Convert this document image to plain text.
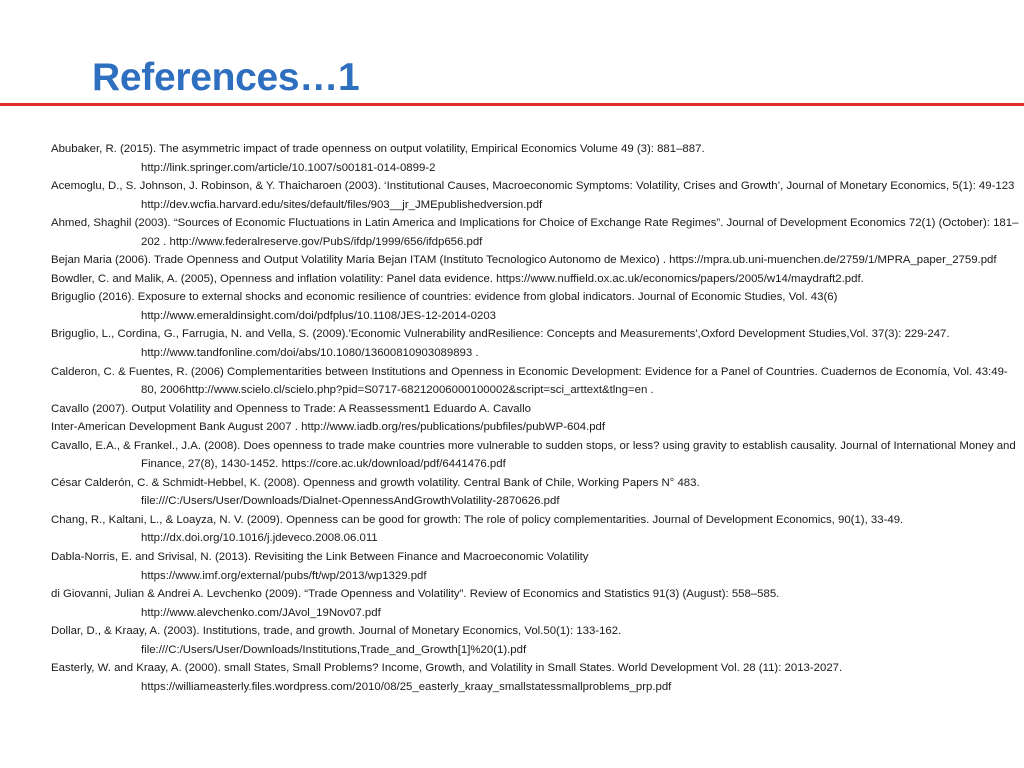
References…1
Abubaker, R. (2015). The asymmetric impact of trade openness on output volatility, Empirical Economics Volume 49 (3): 881–887.
http://link.springer.com/article/10.1007/s00181-014-0899-2
Acemoglu, D., S. Johnson, J. Robinson, & Y. Thaicharoen (2003). ‘Institutional Causes, Macroeconomic Symptoms: Volatility, Crises and Growth’, Journal of Monetary Economics, 5(1): 49-123 http://dev.wcfia.harvard.edu/sites/default/files/903__jr_JMEpublishedversion.pdf
Ahmed, Shaghil (2003). “Sources of Economic Fluctuations in Latin America and Implications for Choice of Exchange Rate Regimes”. Journal of Development Economics 72(1) (October): 181–202 . http://www.federalreserve.gov/PubS/ifdp/1999/656/ifdp656.pdf
Bejan Maria (2006). Trade Openness and Output Volatility Maria Bejan ITAM (Instituto Tecnologico Autonomo de Mexico) . https://mpra.ub.uni-muenchen.de/2759/1/MPRA_paper_2759.pdf
Bowdler, C. and Malik, A. (2005), Openness and inflation volatility: Panel data evidence. https://www.nuffield.ox.ac.uk/economics/papers/2005/w14/maydraft2.pdf.
Briguglio (2016). Exposure to external shocks and economic resilience of countries: evidence from global indicators. Journal of Economic Studies, Vol. 43(6)
http://www.emeraldinsight.com/doi/pdfplus/10.1108/JES-12-2014-0203
Briguglio, L., Cordina, G., Farrugia, N. and Vella, S. (2009).'Economic Vulnerability andResilience: Concepts and Measurements',Oxford Development Studies,Vol. 37(3): 229-247. http://www.tandfonline.com/doi/abs/10.1080/13600810903089893 .
Calderon, C. & Fuentes, R. (2006) Complementarities between Institutions and Openness in Economic Development: Evidence for a Panel of Countries. Cuadernos de Economía, Vol. 43:49-80, 2006http://www.scielo.cl/scielo.php?pid=S0717-68212006000100002&script=sci_arttext&tlng=en .
Cavallo (2007). Output Volatility and Openness to Trade: A Reassessment1 Eduardo A. Cavallo
Inter-American Development Bank August 2007 . http://www.iadb.org/res/publications/pubfiles/pubWP-604.pdf
Cavallo, E.A., & Frankel., J.A. (2008). Does openness to trade make countries more vulnerable to sudden stops, or less? using gravity to establish causality. Journal of International Money and Finance, 27(8), 1430-1452. https://core.ac.uk/download/pdf/6441476.pdf
César Calderón, C. & Schmidt-Hebbel, K. (2008). Openness and growth volatility. Central Bank of Chile, Working Papers N° 483.
file:///C:/Users/User/Downloads/Dialnet-OpennessAndGrowthVolatility-2870626.pdf
Chang, R., Kaltani, L., & Loayza, N. V. (2009). Openness can be good for growth: The role of policy complementarities. Journal of Development Economics, 90(1), 33-49.
http://dx.doi.org/10.1016/j.jdeveco.2008.06.011
Dabla-Norris, E. and Srivisal, N. (2013). Revisiting the Link Between Finance and Macroeconomic Volatility
https://www.imf.org/external/pubs/ft/wp/2013/wp1329.pdf
di Giovanni, Julian & Andrei A. Levchenko (2009). “Trade Openness and Volatility”. Review of Economics and Statistics 91(3) (August): 558–585.
http://www.alevchenko.com/JAvol_19Nov07.pdf
Dollar, D., & Kraay, A. (2003). Institutions, trade, and growth. Journal of Monetary Economics, Vol.50(1): 133-162.
file:///C:/Users/User/Downloads/Institutions,Trade_and_Growth[1]%20(1).pdf
Easterly, W. and Kraay, A. (2000). small States, Small Problems? Income, Growth, and Volatility in Small States. World Development Vol. 28 (11): 2013-2027.
https://williameasterly.files.wordpress.com/2010/08/25_easterly_kraay_smallstatessmallproblems_prp.pdf
